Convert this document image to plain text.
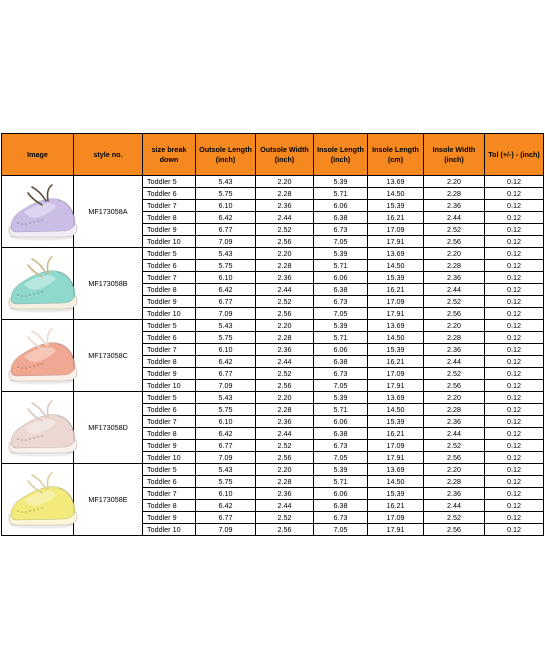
Image	style no.	size break down	Outsole Length (inch)	Outsole Width (inch)	Insole Length (inch)	Insole Length (cm)	Insole Width (inch)	Tol (+/-) - (inch)

	MF173058A	Toddler 5	5.43	2.20	5.39	13.69	2.20	0.12
		Toddler 6	5.75	2.28	5.71	14.50	2.28	0.12
		Toddler 7	6.10	2.36	6.06	15.39	2.36	0.12
		Toddler 8	6.42	2.44	6.38	16.21	2.44	0.12
		Toddler 9	6.77	2.52	6.73	17.09	2.52	0.12
		Toddler 10	7.09	2.56	7.05	17.91	2.56	0.12

	MF173058B	Toddler 5	5.43	2.20	5.39	13.69	2.20	0.12
		Toddler 6	5.75	2.28	5.71	14.50	2.28	0.12
		Toddler 7	6.10	2.36	6.06	15.39	2.36	0.12
		Toddler 8	6.42	2.44	6.38	16.21	2.44	0.12
		Toddler 9	6.77	2.52	6.73	17.09	2.52	0.12
		Toddler 10	7.09	2.56	7.05	17.91	2.56	0.12

	MF173058C	Toddler 5	5.43	2.20	5.39	13.69	2.20	0.12
		Toddler 6	5.75	2.28	5.71	14.50	2.28	0.12
		Toddler 7	6.10	2.36	6.06	15.39	2.36	0.12
		Toddler 8	6.42	2.44	6.38	16.21	2.44	0.12
		Toddler 9	6.77	2.52	6.73	17.09	2.52	0.12
		Toddler 10	7.09	2.56	7.05	17.91	2.56	0.12

	MF173058D	Toddler 5	5.43	2.20	5.39	13.69	2.20	0.12
		Toddler 6	5.75	2.28	5.71	14.50	2.28	0.12
		Toddler 7	6.10	2.36	6.06	15.39	2.36	0.12
		Toddler 8	6.42	2.44	6.38	16.21	2.44	0.12
		Toddler 9	6.77	2.52	6.73	17.09	2.52	0.12
		Toddler 10	7.09	2.56	7.05	17.91	2.56	0.12

	MF173058E	Toddler 5	5.43	2.20	5.39	13.69	2.20	0.12
		Toddler 6	5.75	2.28	5.71	14.50	2.28	0.12
		Toddler 7	6.10	2.36	6.06	15.39	2.36	0.12
		Toddler 8	6.42	2.44	6.38	16.21	2.44	0.12
		Toddler 9	6.77	2.52	6.73	17.09	2.52	0.12
		Toddler 10	7.09	2.56	7.05	17.91	2.56	0.12
